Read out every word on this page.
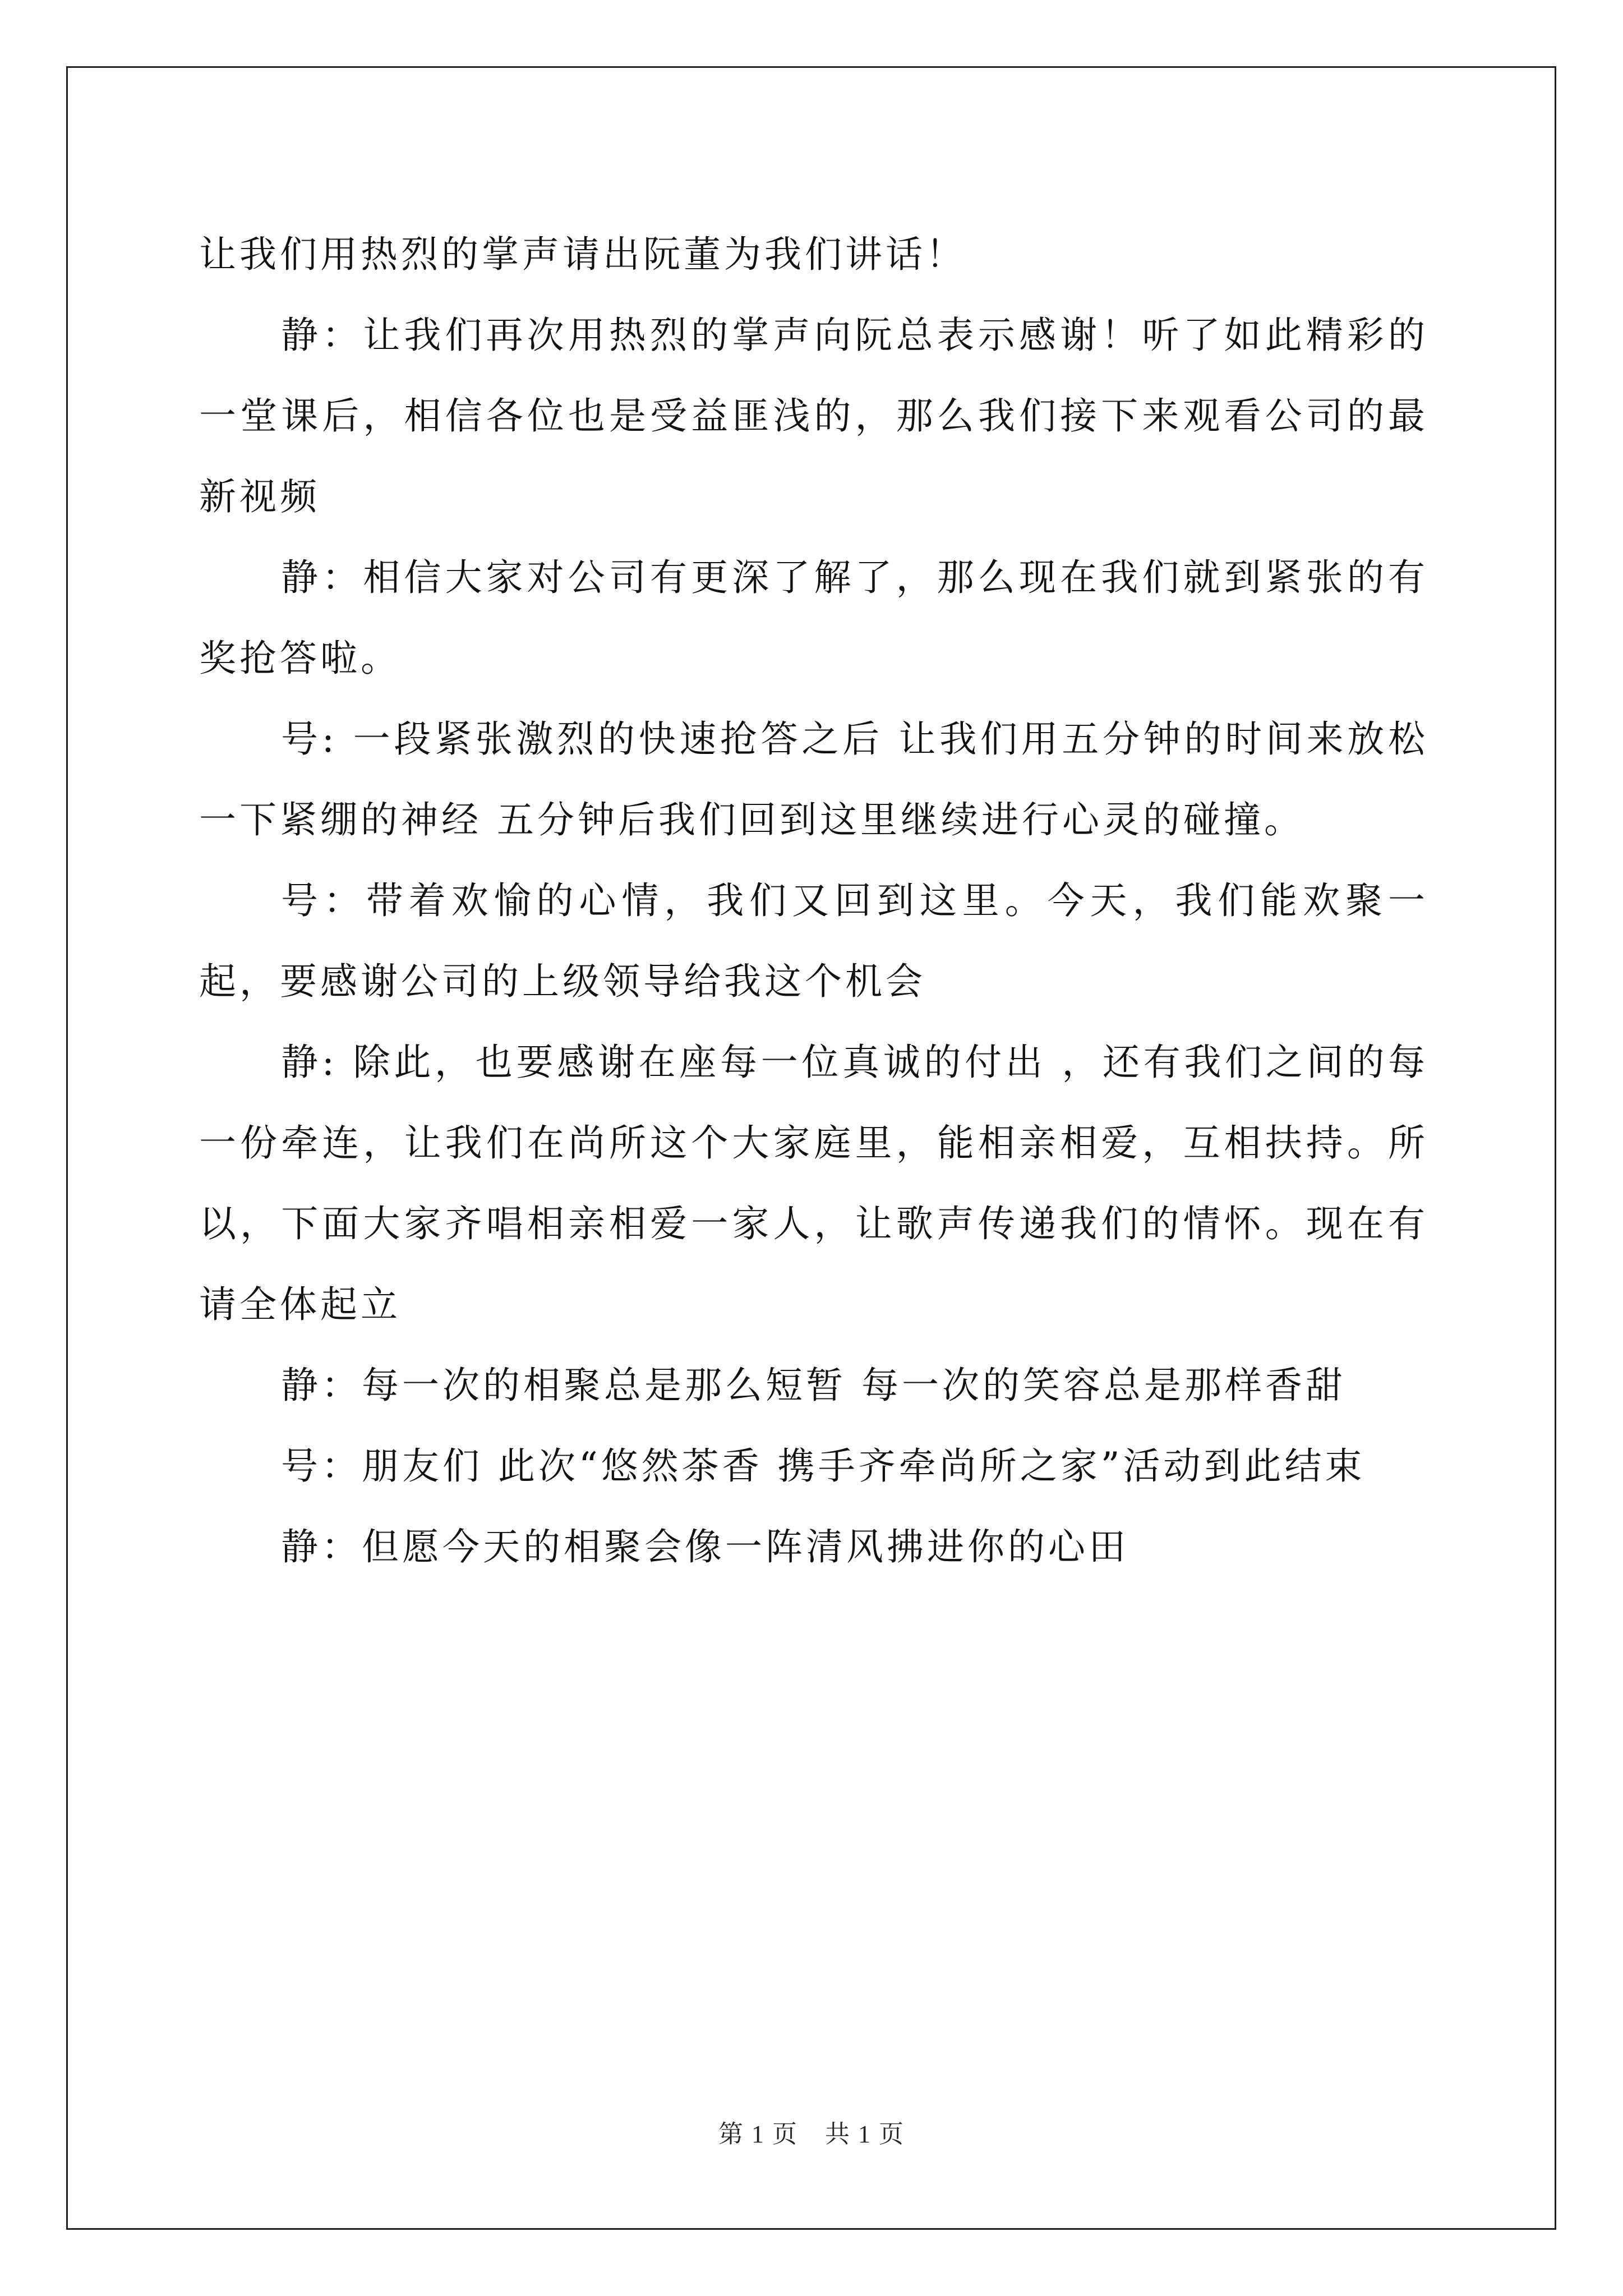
让我们用热烈的掌声请出阮董为我们讲话！

静：让我们再次用热烈的掌声向阮总表示感谢！听了如此精彩的一堂课后，相信各位也是受益匪浅的，那么我们接下来观看公司的最新视频

静：相信大家对公司有更深了解了，那么现在我们就到紧张的有奖抢答啦。

号: 一段紧张激烈的快速抢答之后 让我们用五分钟的时间来放松一下紧绷的神经 五分钟后我们回到这里继续进行心灵的碰撞。

号：带着欢愉的心情，我们又回到这里。今天，我们能欢聚一起，要感谢公司的上级领导给我这个机会

静: 除此，也要感谢在座每一位真诚的付出 ，还有我们之间的每一份牵连，让我们在尚所这个大家庭里，能相亲相爱，互相扶持。所以，下面大家齐唱相亲相爱一家人，让歌声传递我们的情怀。现在有请全体起立

静：每一次的相聚总是那么短暂 每一次的笑容总是那样香甜

号：朋友们 此次“悠然茶香 携手齐牵尚所之家”活动到此结束

静：但愿今天的相聚会像一阵清风拂进你的心田

第 1 页 共 1 页
